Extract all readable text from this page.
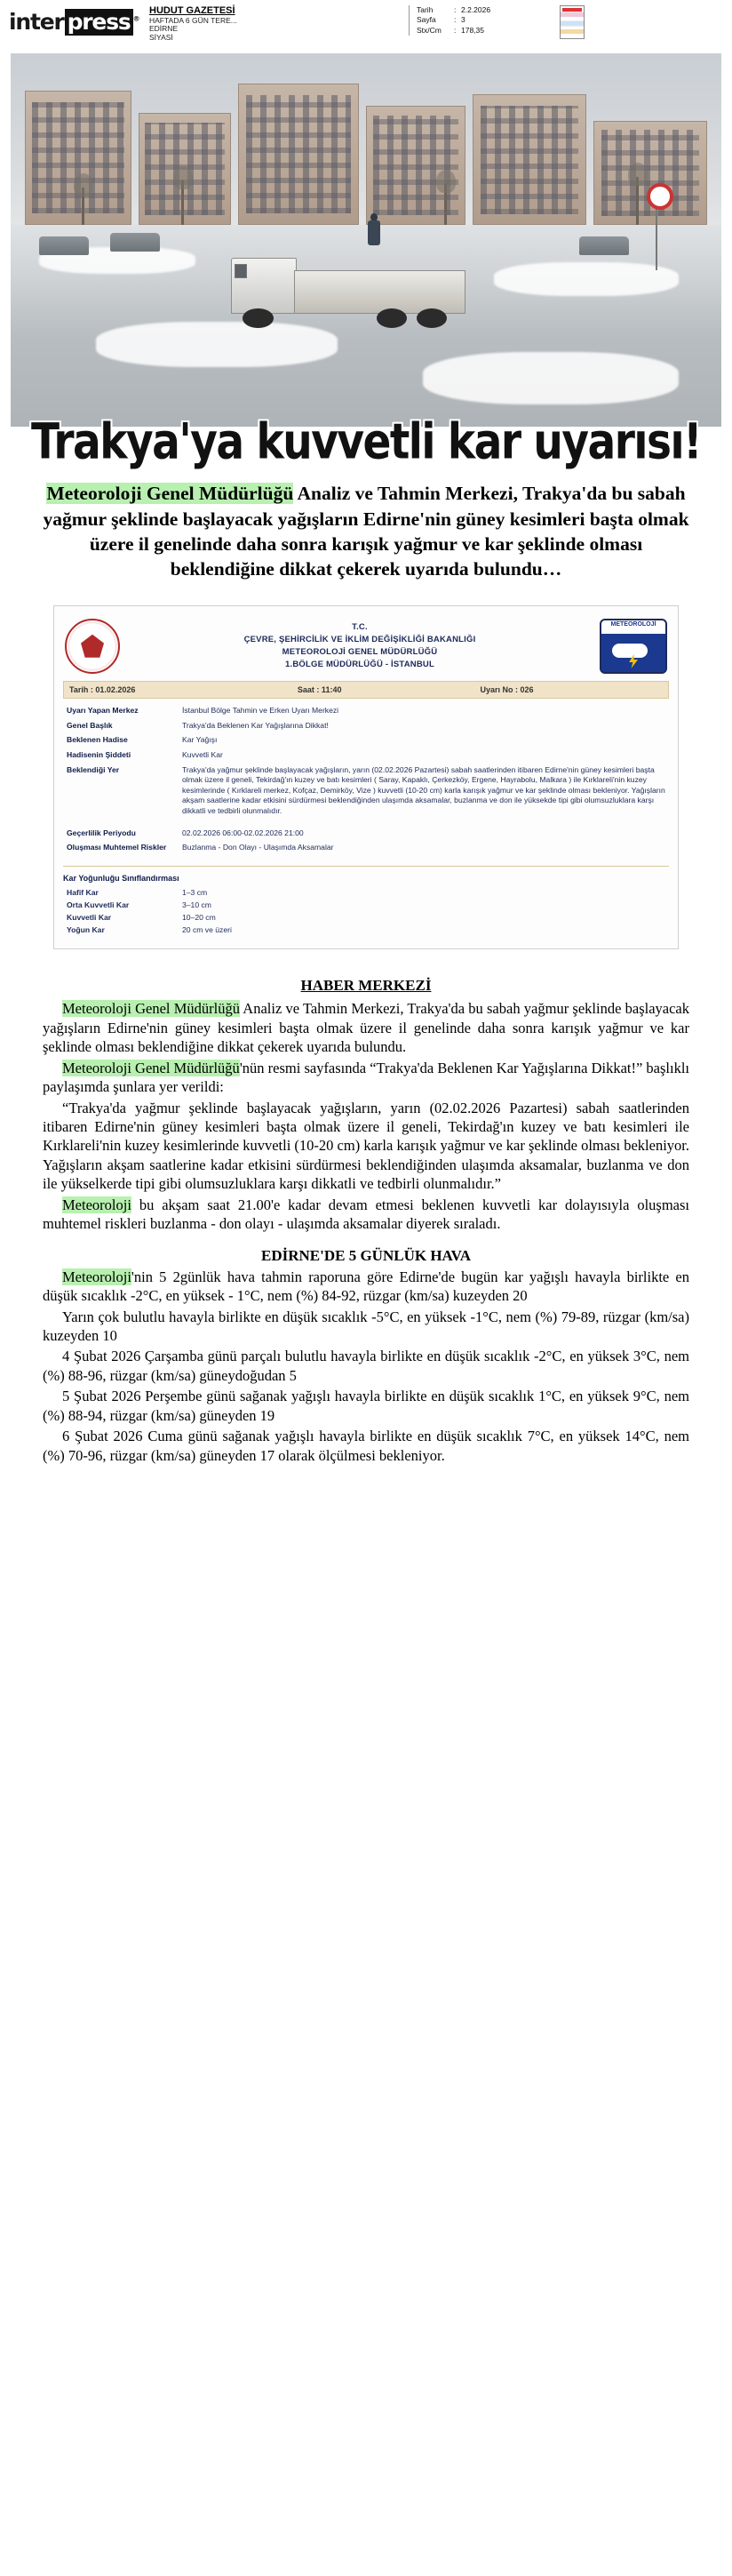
inter press ®
HUDUT GAZETESİ
HAFTADA 6 GÜN TERE...
EDİRNE
SİYASİ
Tarih	: 2.2.2026
Sayfa	: 3
Stx/Cm	: 178,35
Trakya'ya kuvvetli kar uyarısı!
Meteoroloji Genel Müdürlüğü Analiz ve Tahmin Merkezi, Trakya'da bu sabah yağmur şeklinde başlayacak yağışların Edirne'nin güney kesimleri başta olmak üzere il genelinde daha sonra karışık yağmur ve kar şeklinde olması beklendiğine dikkat çekerek uyarıda bulundu…
T.C.
ÇEVRE, ŞEHİRCİLİK VE İKLİM DEĞİŞİKLİĞİ BAKANLIĞI
METEOROLOJİ GENEL MÜDÜRLÜĞÜ
1.BÖLGE MÜDÜRLÜĞÜ - İSTANBUL
METEOROLOJİ
Tarih : 01.02.2026	Saat : 11:40	Uyarı No : 026
Uyarı Yapan Merkez	İstanbul Bölge Tahmin ve Erken Uyarı Merkezi
Genel Başlık	Trakya'da Beklenen Kar Yağışlarına Dikkat!
Beklenen Hadise	Kar Yağışı
Hadisenin Şiddeti	Kuvvetli Kar
Beklendiği Yer	Trakya'da yağmur şeklinde başlayacak yağışların, yarın (02.02.2026 Pazartesi) sabah saatlerinden itibaren Edirne'nin güney kesimleri başta olmak üzere il geneli, Tekirdağ'ın kuzey ve batı kesimleri ( Saray, Kapaklı, Çerkezköy, Ergene, Hayrabolu, Malkara ) ile Kırklareli'nin kuzey kesimlerinde ( Kırklareli merkez, Kofçaz, Demirköy, Vize ) kuvvetli (10-20 cm) karla karışık yağmur ve kar şeklinde olması bekleniyor. Yağışların akşam saatlerine kadar etkisini sürdürmesi beklendiğinden ulaşımda aksamalar, buzlanma ve don ile yüksekde tipi gibi olumsuzluklara karşı dikkatli ve tedbirli olunmalıdır.

Geçerlilik Periyodu	02.02.2026 06:00-02.02.2026 21:00
Oluşması Muhtemel Riskler	Buzlanma - Don Olayı - Ulaşımda Aksamalar
Kar Yoğunluğu Sınıflandırması
Hafif Kar	1–3 cm
Orta Kuvvetli Kar	3–10 cm
Kuvvetli Kar	10–20 cm
Yoğun Kar	20 cm ve üzeri
HABER MERKEZİ

Meteoroloji Genel Müdürlüğü Analiz ve Tahmin Merkezi, Trakya'da bu sabah yağmur şeklinde başlayacak yağışların Edirne'nin güney kesimleri başta olmak üzere il genelinde daha sonra karışık yağmur ve kar şeklinde olması beklendiğine dikkat çekerek uyarıda bulundu.

Meteoroloji Genel Müdürlüğü'nün resmi sayfasında “Trakya'da Beklenen Kar Yağışlarına Dikkat!” başlıklı paylaşımda şunlara yer verildi:

“Trakya'da yağmur şeklinde başlayacak yağışların, yarın (02.02.2026 Pazartesi) sabah saatlerinden itibaren Edirne'nin güney kesimleri başta olmak üzere il geneli, Tekirdağ'ın kuzey ve batı kesimleri ile Kırklareli'nin kuzey kesimlerinde kuvvetli (10-20 cm) karla karışık yağmur ve kar şeklinde olması bekleniyor. Yağışların akşam saatlerine kadar etkisini sürdürmesi beklendiğinden ulaşımda aksamalar, buzlanma ve don ile yükselkerde tipi gibi olumsuzluklara karşı dikkatli ve tedbirli olunmalıdır.”

Meteoroloji bu akşam saat 21.00'e kadar devam etmesi beklenen kuvvetli kar dolayısıyla oluşması muhtemel riskleri buzlanma - don olayı - ulaşımda aksamalar diyerek sıraladı.

EDİRNE'DE 5 GÜNLÜK HAVA

Meteoroloji'nin 5 2günlük hava tahmin raporuna göre Edirne'de bugün kar yağışlı havayla birlikte en düşük sıcaklık -2°C, en yüksek - 1°C, nem (%) 84-92, rüzgar (km/sa) kuzeyden 20

Yarın çok bulutlu havayla birlikte en düşük sıcaklık -5°C, en yüksek -1°C, nem (%) 79-89, rüzgar (km/sa) kuzeyden 10

4 Şubat 2026 Çarşamba günü parçalı bulutlu havayla birlikte en düşük sıcaklık -2°C, en yüksek 3°C, nem (%) 88-96, rüzgar (km/sa) güneydoğudan 5

5 Şubat 2026 Perşembe günü sağanak yağışlı havayla birlikte en düşük sıcaklık 1°C, en yüksek 9°C, nem (%) 88-94, rüzgar (km/sa) güneyden 19

6 Şubat 2026 Cuma günü sağanak yağışlı havayla birlikte en düşük sıcaklık 7°C, en yüksek 14°C, nem (%) 70-96, rüzgar (km/sa) güneyden 17 olarak ölçülmesi bekleniyor.
